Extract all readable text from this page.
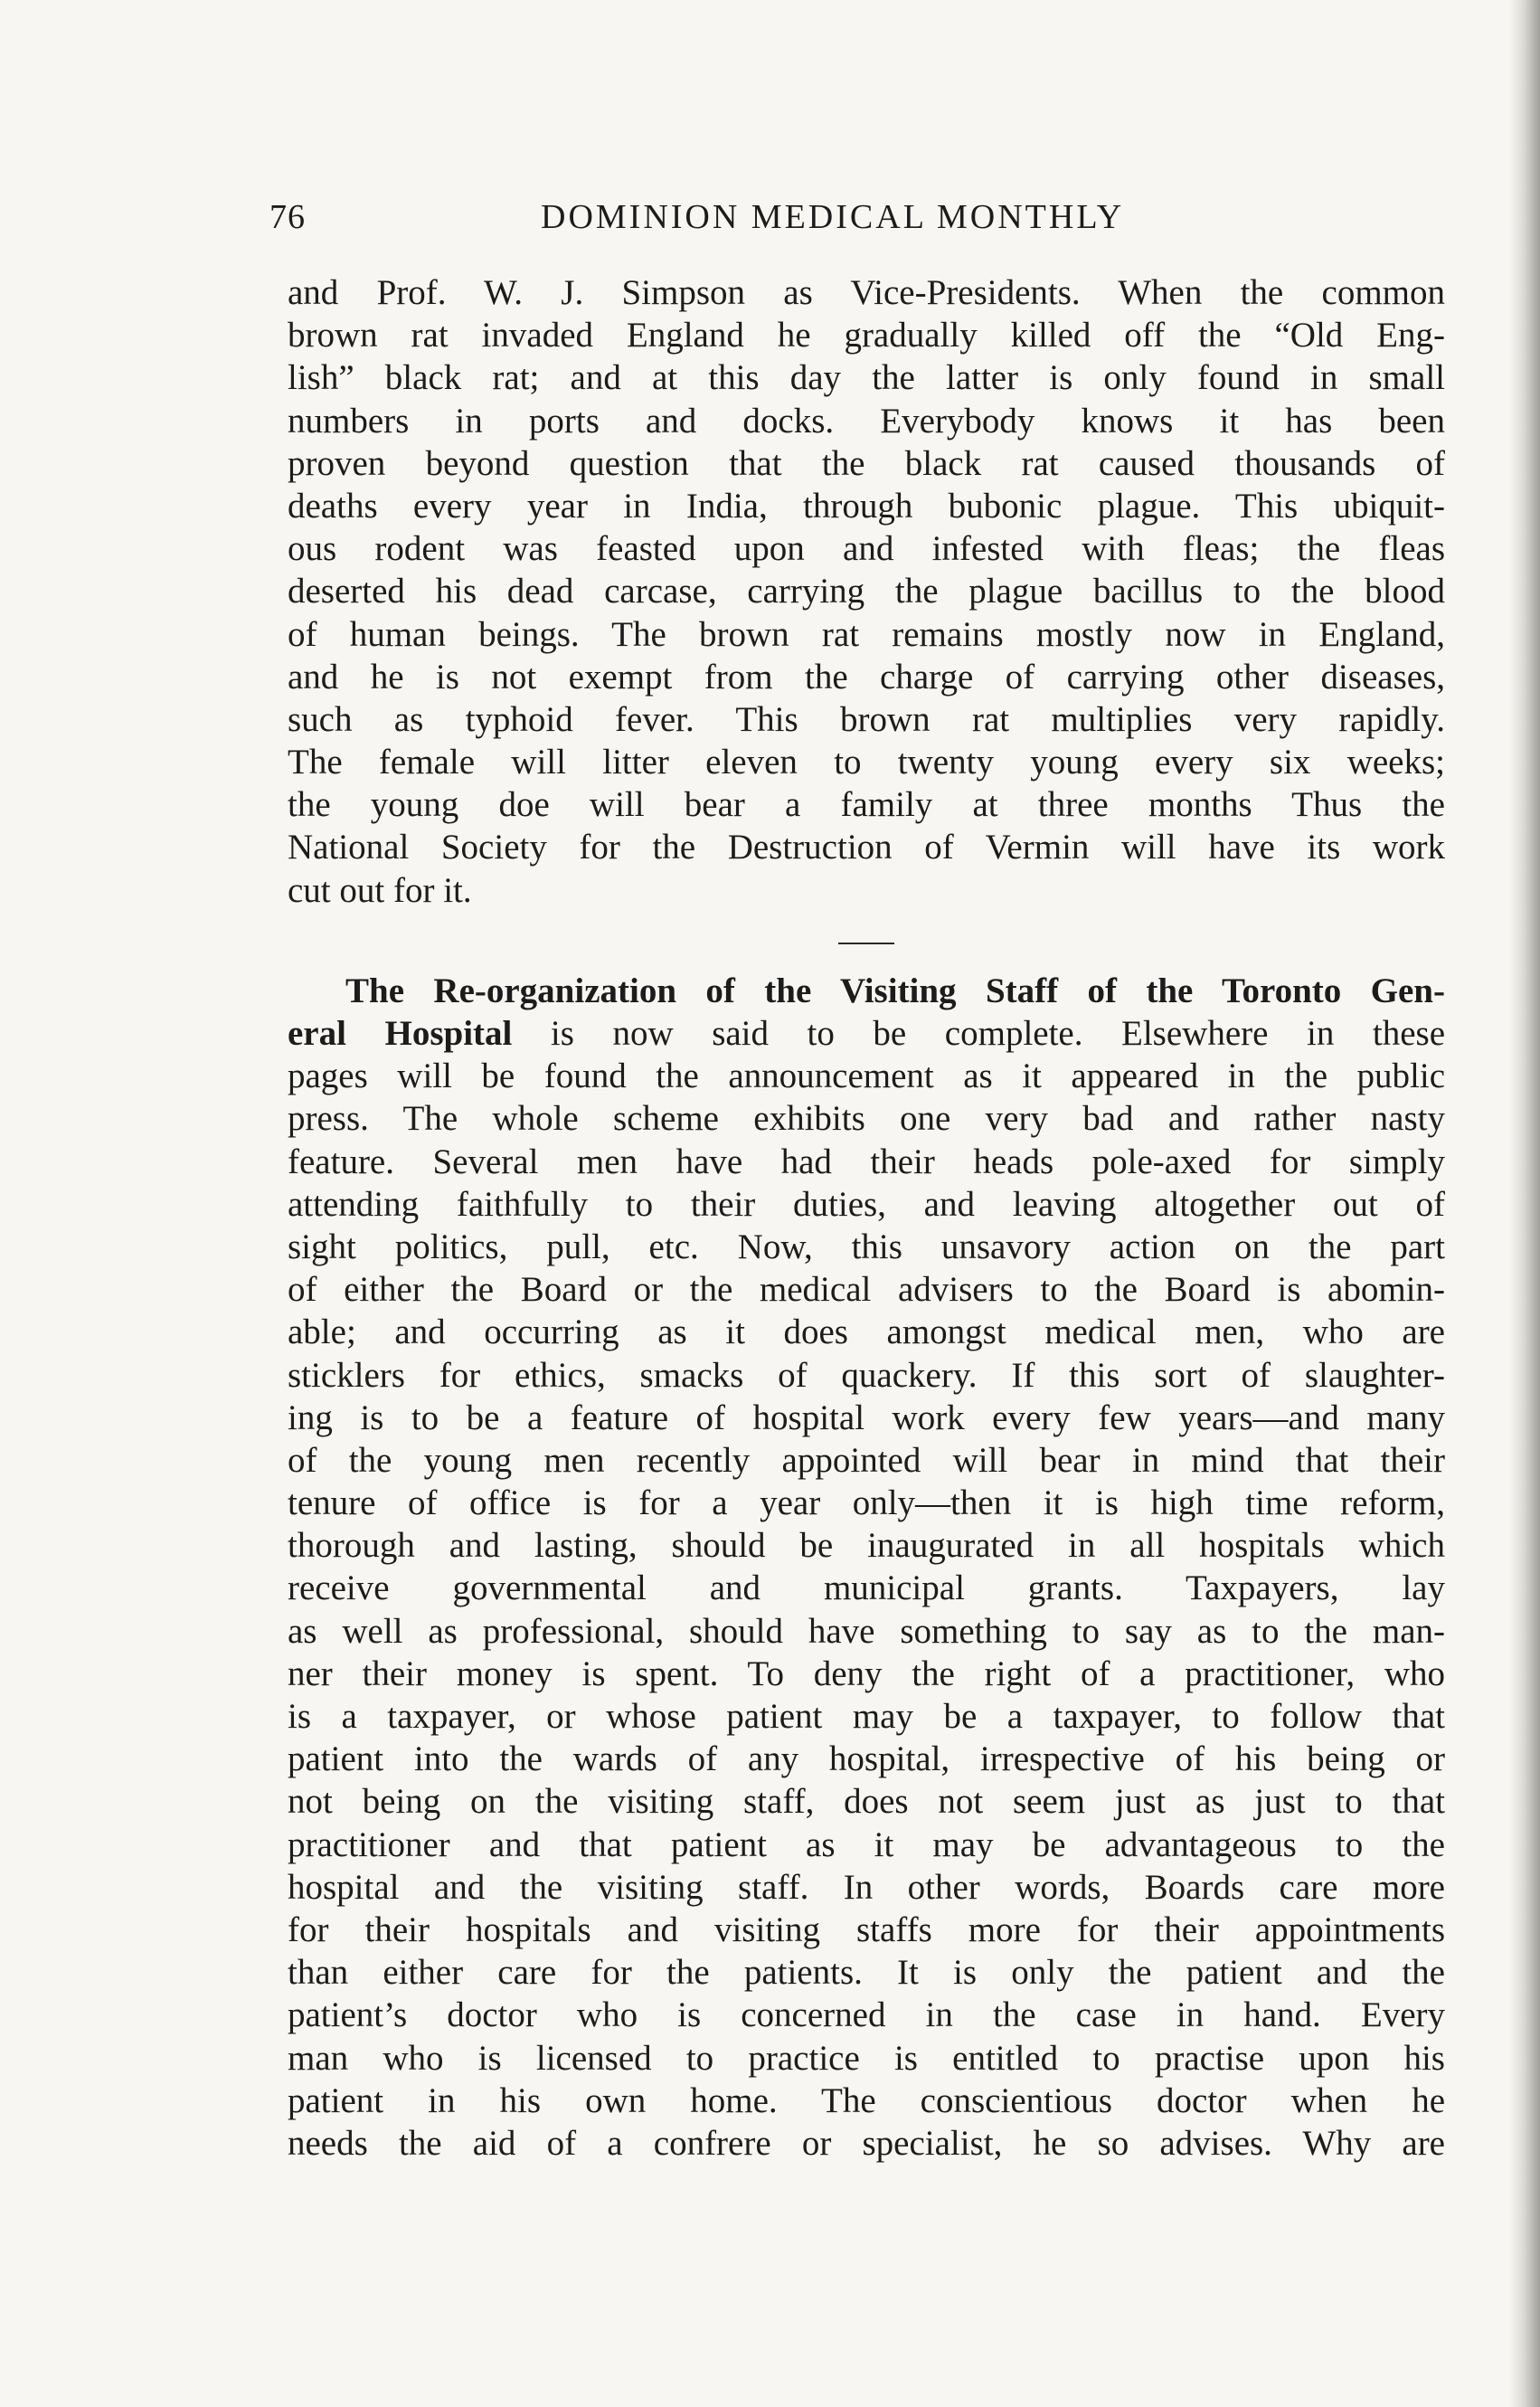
76	DOMINION MEDICAL MONTHLY
and Prof. W. J. Simpson as Vice-Presidents. When the common
brown rat invaded England he gradually killed off the “Old Eng-
lish” black rat; and at this day the latter is only found in small
numbers in ports and docks. Everybody knows it has been
proven beyond question that the black rat caused thousands of
deaths every year in India, through bubonic plague. This ubiquit-
ous rodent was feasted upon and infested with fleas; the fleas
deserted his dead carcase, carrying the plague bacillus to the blood
of human beings. The brown rat remains mostly now in England,
and he is not exempt from the charge of carrying other diseases,
such as typhoid fever. This brown rat multiplies very rapidly.
The female will litter eleven to twenty young every six weeks;
the young doe will bear a family at three months Thus the
National Society for the Destruction of Vermin will have its work
cut out for it.
The Re-organization of the Visiting Staff of the Toronto Gen-
eral Hospital is now said to be complete. Elsewhere in these
pages will be found the announcement as it appeared in the public
press. The whole scheme exhibits one very bad and rather nasty
feature. Several men have had their heads pole-axed for simply
attending faithfully to their duties, and leaving altogether out of
sight politics, pull, etc. Now, this unsavory action on the part
of either the Board or the medical advisers to the Board is abomin-
able; and occurring as it does amongst medical men, who are
sticklers for ethics, smacks of quackery. If this sort of slaughter-
ing is to be a feature of hospital work every few years—and many
of the young men recently appointed will bear in mind that their
tenure of office is for a year only—then it is high time reform,
thorough and lasting, should be inaugurated in all hospitals which
receive governmental and municipal grants. Taxpayers, lay
as well as professional, should have something to say as to the man-
ner their money is spent. To deny the right of a practitioner, who
is a taxpayer, or whose patient may be a taxpayer, to follow that
patient into the wards of any hospital, irrespective of his being or
not being on the visiting staff, does not seem just as just to that
practitioner and that patient as it may be advantageous to the
hospital and the visiting staff. In other words, Boards care more
for their hospitals and visiting staffs more for their appointments
than either care for the patients. It is only the patient and the
patient’s doctor who is concerned in the case in hand. Every
man who is licensed to practice is entitled to practise upon his
patient in his own home. The conscientious doctor when he
needs the aid of a confrere or specialist, he so advises. Why are
